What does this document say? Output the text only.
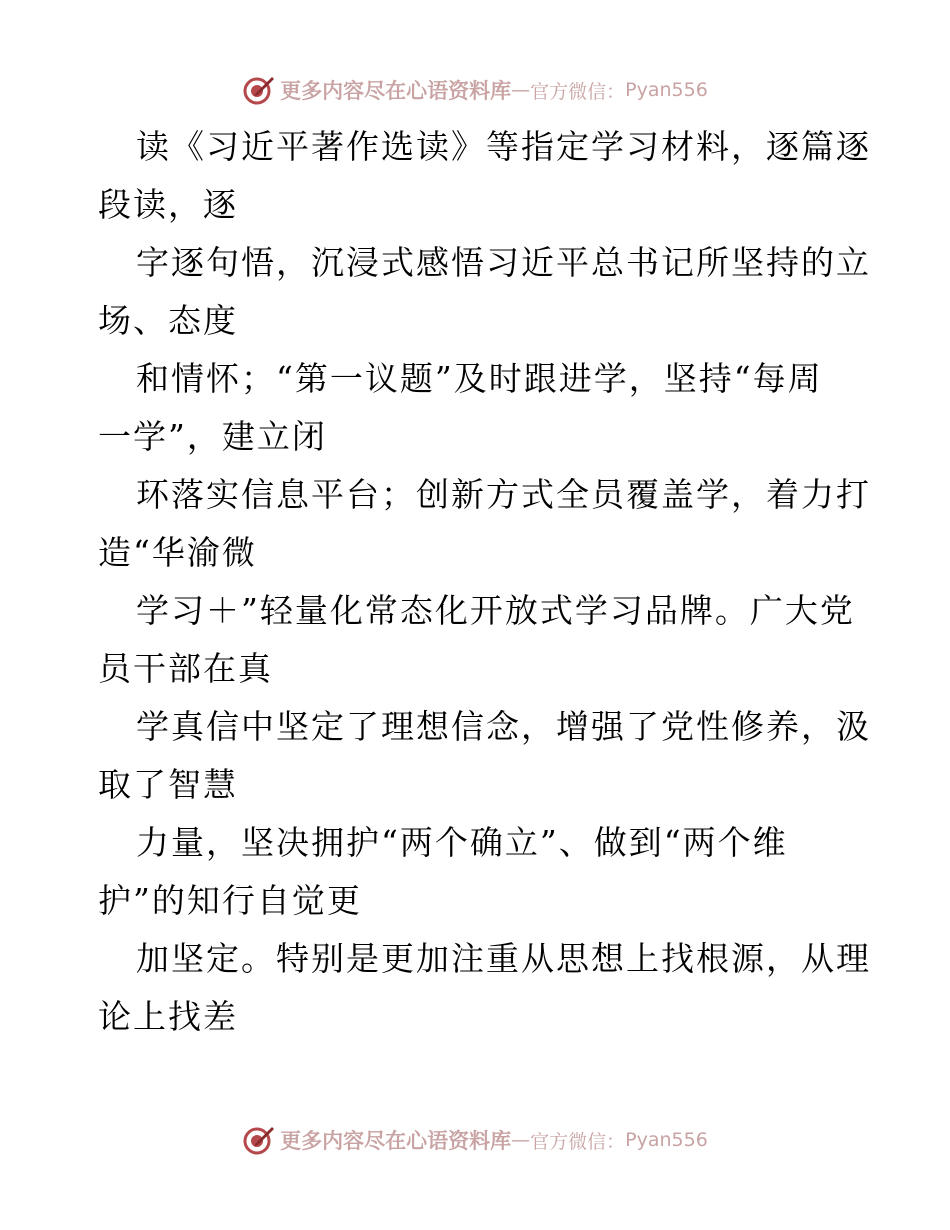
更多内容尽在心语资料库 — 官方微信： Pyan556

读《习近平著作选读》等指定学习材料，逐篇逐
段读，逐

字逐句悟，沉浸式感悟习近平总书记所坚持的立
场、态度

和情怀；“第一议题”及时跟进学，坚持“每周
一学”，建立闭

环落实信息平台；创新方式全员覆盖学，着力打
造“华渝微

学习＋”轻量化常态化开放式学习品牌。广大党
员干部在真

学真信中坚定了理想信念，增强了党性修养，汲
取了智慧

力量，坚决拥护“两个确立”、做到“两个维
护”的知行自觉更

加坚定。特别是更加注重从思想上找根源，从理
论上找差

更多内容尽在心语资料库 — 官方微信： Pyan556
